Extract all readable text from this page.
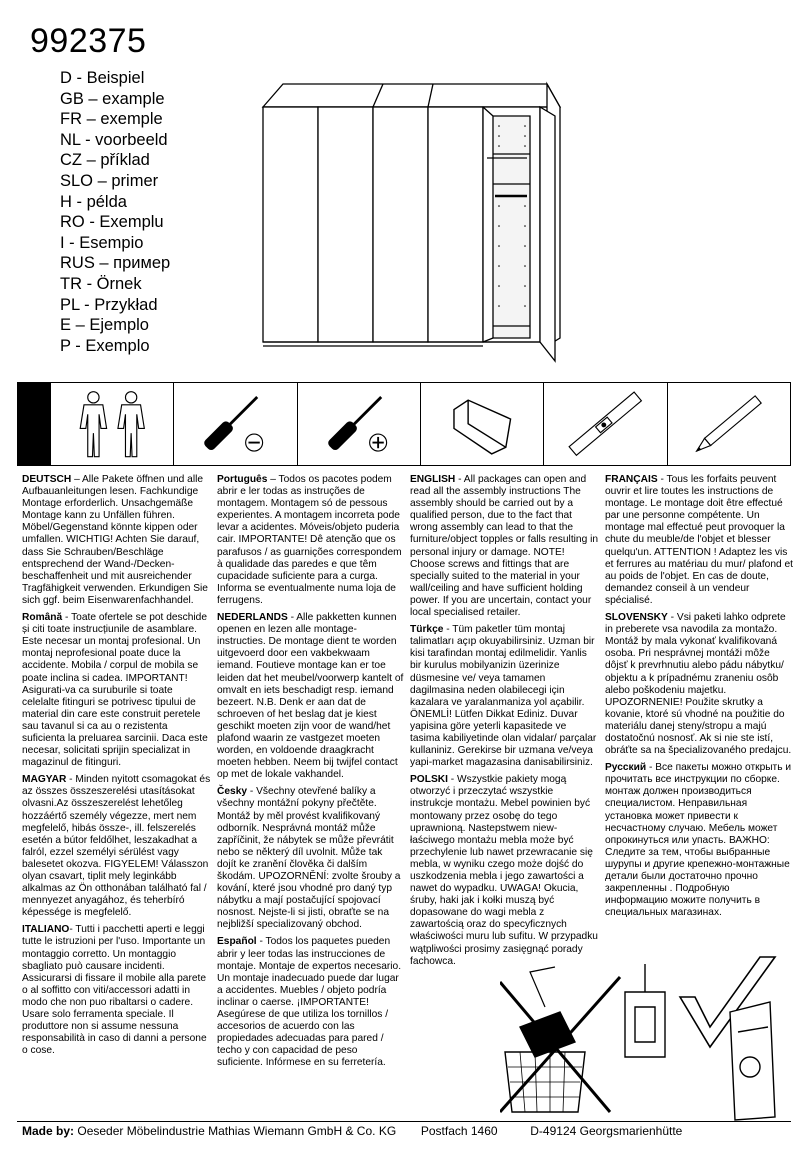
992375
D - Beispiel
GB – example
FR – exemple
NL - voorbeeld
CZ – příklad
SLO – primer
H - példa
RO - Exemplu
I - Esempio
RUS – пример
TR - Örnek
PL - Przykład
E – Ejemplo
P - Exemplo

DEUTSCH – Alle Pakete öffnen und alle Aufbauanleitungen lesen. Fachkundige Montage erforderlich. Unsachgemäße Montage kann zu Unfällen führen. Möbel/Gegenstand könnte kippen oder umfallen. WICHTIG! Achten Sie darauf, dass Sie Schrauben/Beschläge entsprechend der Wand-/Decken-beschaffenheit und mit ausreichender Tragfähigkeit verwenden. Erkundigen Sie sich ggf. beim Eisenwarenfachhandel.

Română - Toate ofertele se pot deschide și citi toate instrucțiunile de asamblare. Este necesar un montaj profesional. Un montaj neprofesional poate duce la accidente. Mobila / corpul de mobila se poate inclina si cadea. IMPORTANT! Asigurati-va ca suruburile si toate celelalte fitinguri se potrivesc tipului de material din care este construit peretele sau tavanul si ca au o rezistenta suficienta la preluarea sarcinii. Daca este necesar, solicitati sprijin specializat in magazinul de fitinguri.

MAGYAR - Minden nyitott csomagokat és az összes összeszerelési utasításokat olvasni.Az összeszerelést lehetőleg hozzáértő személy végezze, mert nem megfelelő, hibás össze-, ill. felszerelés esetén a bútor feldőlhet, leszakadhat a falról, ezzel személyi sérülést vagy balesetet okozva. FIGYELEM! Válasszon olyan csavart, tiplit mely leginkább alkalmas az Ön otthonában található fal / mennyezet anyagához, és teherbíró képessége is megfelelő.

ITALIANO- Tutti i pacchetti aperti e leggi tutte le istruzioni per l'uso. Importante un montaggio corretto. Un montaggio sbagliato può causare incidenti. Assicurarsi di fissare il mobile alla parete o al soffitto con viti/accessori adatti in modo che non puo ribaltarsi o cadere. Usare solo ferramenta speciale. Il produttore non si assume nessuna responsabilità in caso di danni a persone o cose.

Português – Todos os pacotes podem abrir e ler todas as instruções de montagem. Montagem só de pessous experientes. A montagem incorreta pode levar a acidentes. Móveis/objeto puderia cair. IMPORTANTE! Dê atenção que os parafusos / as guarnições correspondem à qualidade das paredes e que têm cupacidade suficiente para a curga. Informa se eventualmente numa loja de ferrugens.

NEDERLANDS - Alle pakketten kunnen openen en lezen alle montage-instructies. De montage dient te worden uitgevoerd door een vakbekwaam iemand. Foutieve montage kan er toe leiden dat het meubel/voorwerp kantelt of omvalt en iets beschadigt resp. iemand bezeert. N.B. Denk er aan dat de schroeven of het beslag dat je kiest geschikt moeten zijn voor de wand/het plafond waarin ze vastgezet moeten worden, en voldoende draagkracht moeten hebben. Neem bij twijfel contact op met de lokale vakhandel.

Česky - Všechny otevřené balíky a všechny montážní pokyny přečtěte. Montáž by měl provést kvalifikovaný odborník. Nesprávná montáž může zapříčinit, že nábytek se může převrátit nebo se některý díl uvolnit. Může tak dojít ke zranění člověka či dalším škodám. UPOZORNĚNÍ: zvolte šrouby a kování, které jsou vhodné pro daný typ nábytku a mají postačující spojovací nosnost. Nejste-li si jisti, obraťte se na nejbližší specializovaný obchod.

Español - Todos los paquetes pueden abrir y leer todas las instrucciones de montaje. Montaje de expertos necesario. Un montaje inadecuado puede dar lugar a accidentes. Muebles / objeto podría inclinar o caerse. ¡IMPORTANTE! Asegúrese de que utiliza los tornillos / accesorios de acuerdo con las propiedades adecuadas para pared / techo y con capacidad de peso suficiente. Infórmese en su ferretería.

ENGLISH - All packages can open and read all the assembly instructions The assembly should be carried out by a qualified person, due to the fact that wrong assembly can lead to that the furniture/object topples or falls resulting in personal injury or damage. NOTE! Choose screws and fittings that are specially suited to the material in your wall/ceiling and have sufficient holding power. If you are uncertain, contact your local specialised retailer.

Türkçe - Tüm paketler tüm montaj talimatları açıp okuyabilirsiniz. Uzman bir kisi tarafindan montaj edilmelidir. Yanlis bir kurulus mobilyanizin üzerinize düsmesine ve/ veya tamamen dagilmasina neden olabilecegi için kazalara ve yaralanmaniza yol açabilir. ÖNEMLİ! Lütfen Dikkat Ediniz. Duvar yapisina göre yeterli kapasitede ve tasima kabiliyetinde olan vidalar/ parçalar kullaniniz. Gerekirse bir uzmana ve/veya yapi-market magazasina danisabilirsiniz.

POLSKI - Wszystkie pakiety mogą otworzyć i przeczytać wszystkie instrukcje montażu. Mebel powinien być montowany przez osobę do tego uprawnioną. Nastepstwem niew-łaściwego montażu mebla może być przechylenie lub nawet przewracanie się mebla, w wyniku czego może dojść do uszkodzenia mebla i jego zawartości a nawet do wypadku. UWAGA! Okucia, śruby, haki jak i kołki muszą być dopasowane do wagi mebla z zawartością oraz do specyficznych właściwości muru lub sufitu. W przypadku wątpliwości prosimy zasięgnąć porady fachowca.

FRANÇAIS - Tous les forfaits peuvent ouvrir et lire toutes les instructions de montage. Le montage doit être effectué par une personne compétente. Un montage mal effectué peut provoquer la chute du meuble/de l'objet et blesser quelqu'un. ATTENTION ! Adaptez les vis et ferrures au matériau du mur/ plafond et au poids de l'objet. En cas de doute, demandez conseil à un vendeur spécialisé.

SLOVENSKY - Vsi paketi lahko odprete in preberete vsa navodila za montažo. Montáž by mala vykonať kvalifikovaná osoba. Pri nesprávnej montáži môže dôjsť k prevrhnutiu alebo pádu nábytku/ objektu a k prípadnému zraneniu osôb alebo poškodeniu majetku. UPOZORNENIE! Použite skrutky a kovanie, ktoré sú vhodné na použitie do materiálu danej steny/stropu a majú dostatočnú nosnosť. Ak si nie ste istí, obráťte sa na špecializovaného predajcu.

Русский - Все пакеты можно открыть и прочитать все инструкции по сборке. монтаж должен производиться специалистом. Неправильная установка может привести к несчастному случаю. Мебель может опрокинуться или упасть. ВАЖНО: Следите за тем, чтобы выбранные шурупы и другие крепежно-монтажные детали были достаточно прочно закрепленны . Подробную информацию можите получить в специальных магазинах.

Made by: Oeseder Möbelindustrie Mathias Wiemann GmbH & Co. KG Postfach 1460	D-49124 Georgsmarienhütte
